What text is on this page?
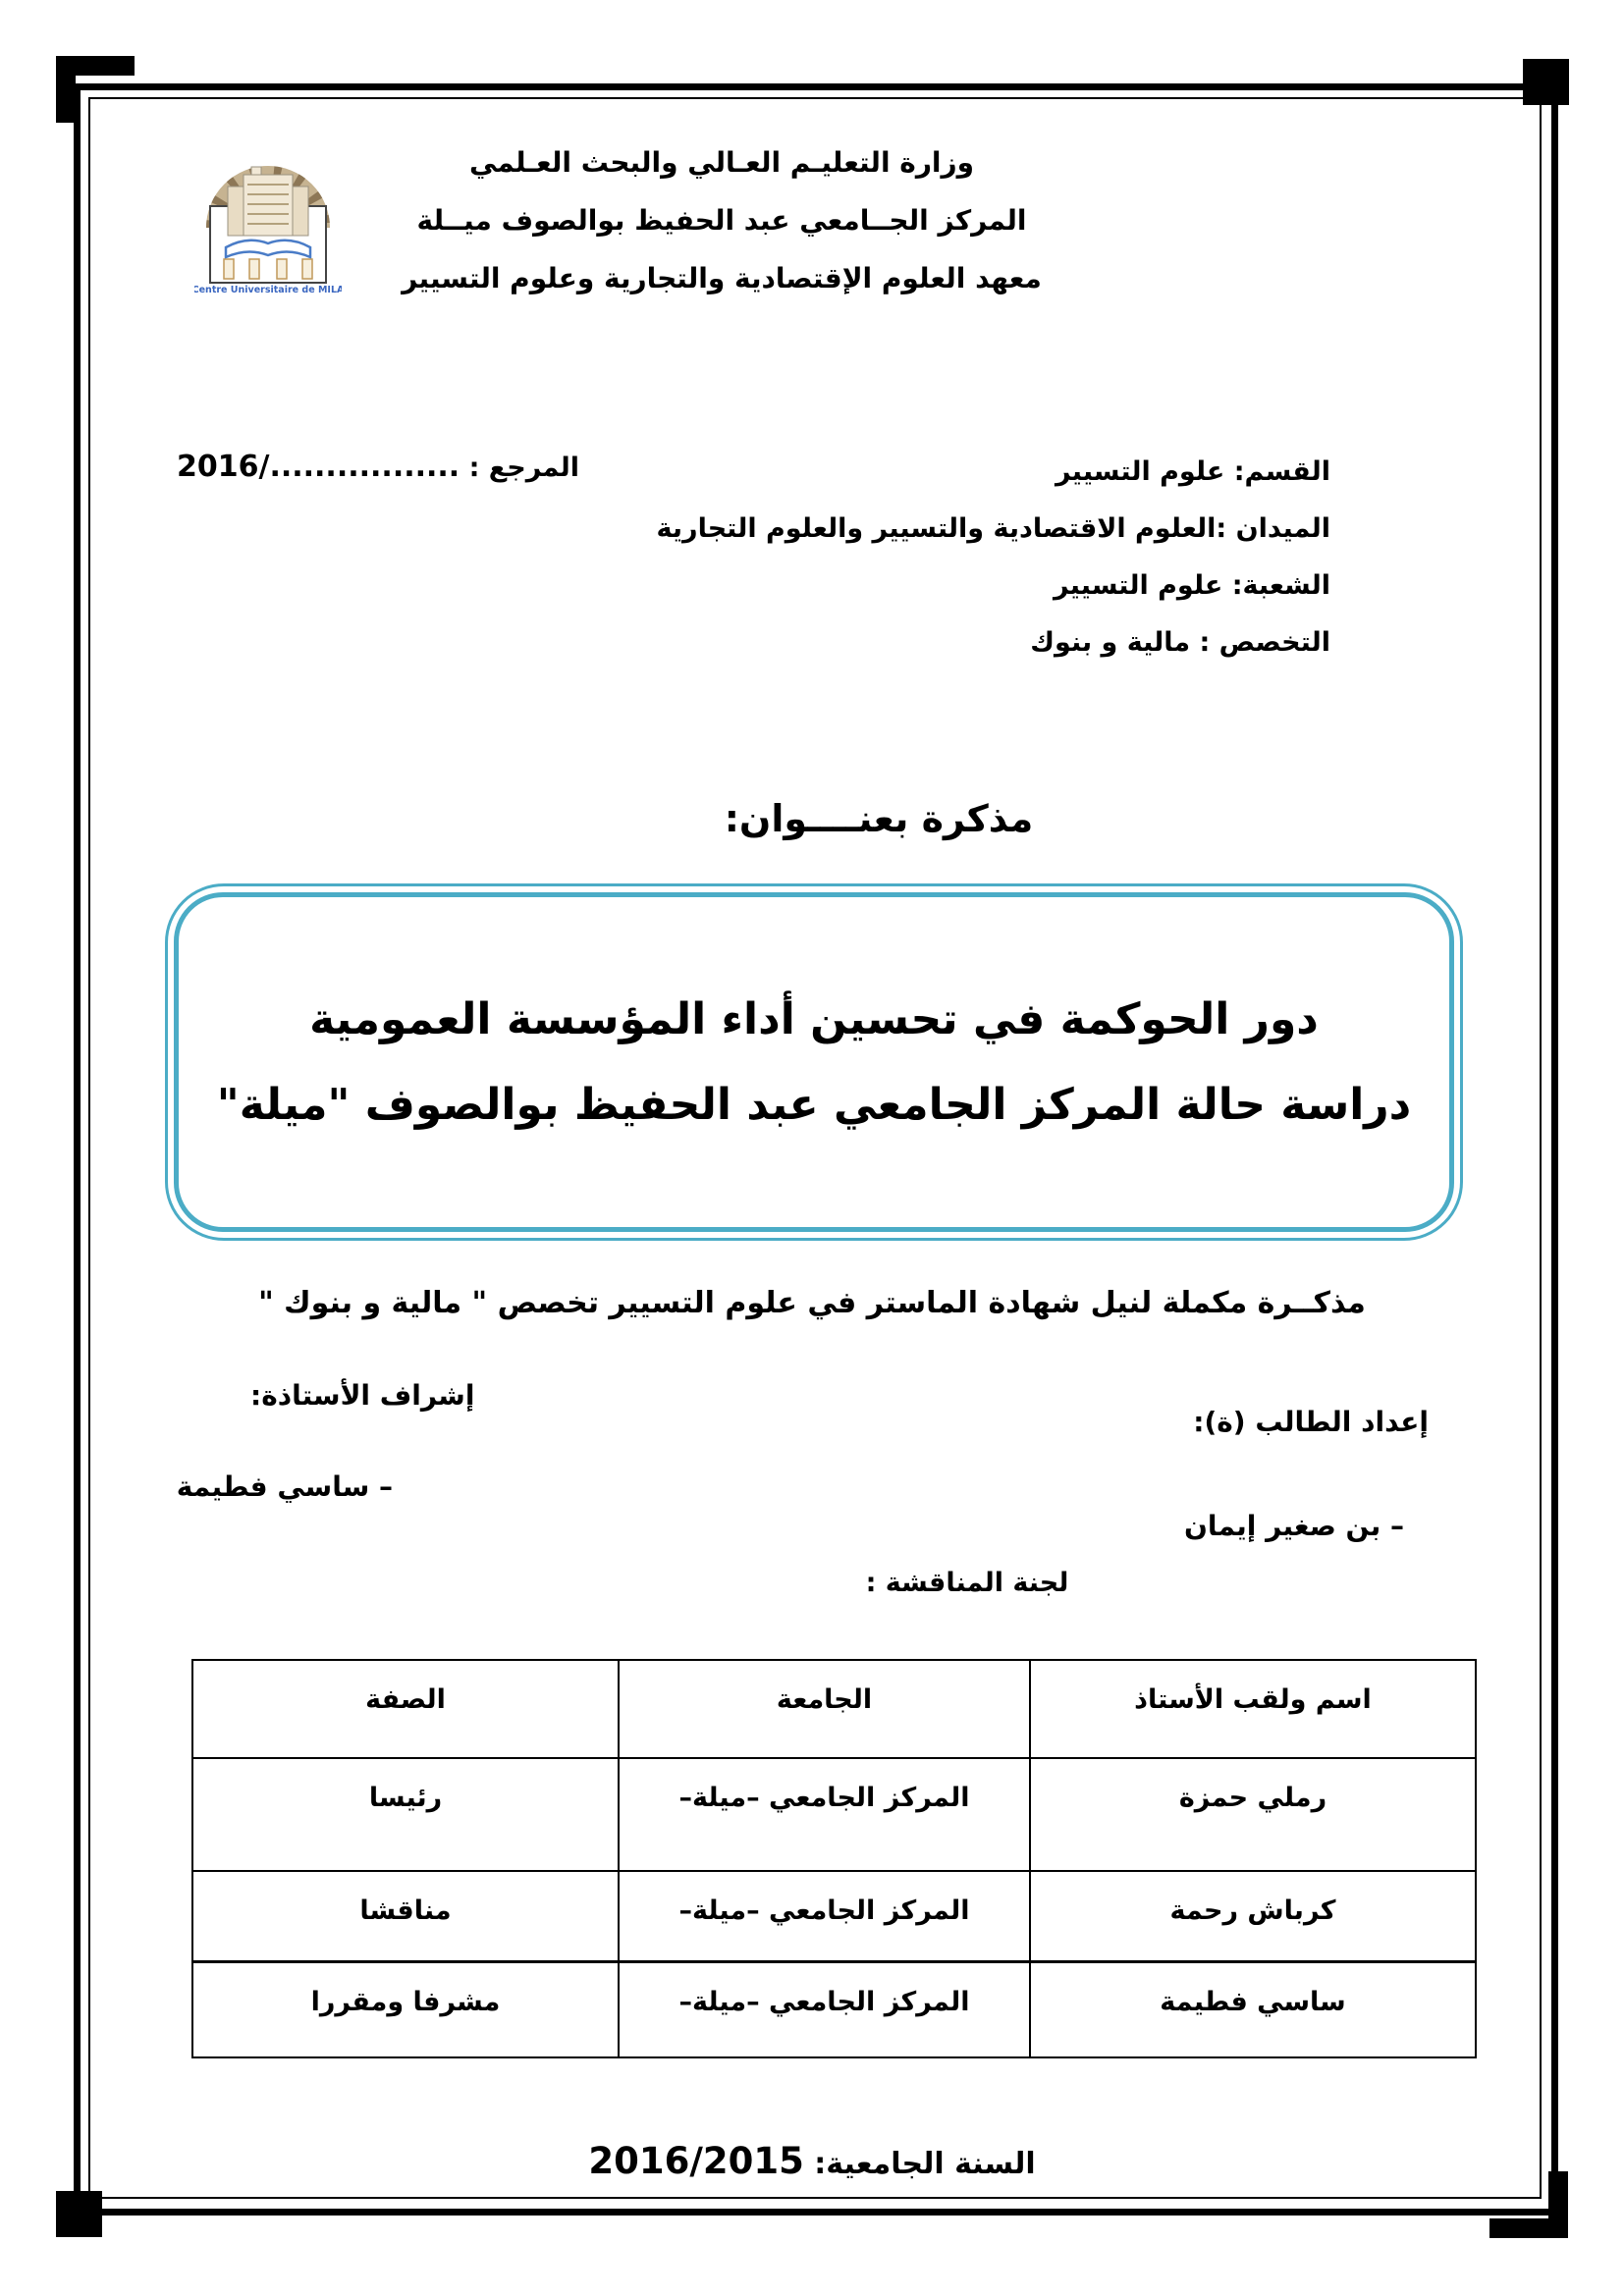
Centre Universitaire de MILA
وزارة التعليـم العـالي والبحث العـلمي
المركز الجــامعي عبد الحفيظ بوالصوف ميــلة
معهد العلوم الإقتصادية والتجارية وعلوم التسيير
المرجع : 2016/.................	القسم: علوم التسيير
الميدان :العلوم الاقتصادية والتسيير والعلوم التجارية
الشعبة: علوم التسيير
التخصص : مالية و بنوك
مذكرة بعنــــوان:
دور الحوكمة في تحسين أداء المؤسسة العمومية
دراسة حالة المركز الجامعي عبد الحفيظ بوالصوف "ميلة"
مذكــرة مكملة لنيل شهادة الماستر في علوم التسيير تخصص " مالية و بنوك "
إشراف الأستاذة:
– ساسي فطيمة
إعداد الطالب (ة):
– بن صغير إيمان
لجنة المناقشة :
اسم ولقب الأستاذ	الجامعة	الصفة
رملي حمزة	المركز الجامعي –ميلة–	رئيسا
كرباش رحمة	المركز الجامعي –ميلة–	مناقشا
ساسي فطيمة	المركز الجامعي –ميلة–	مشرفا ومقررا
السنة الجامعية: 2016/2015
